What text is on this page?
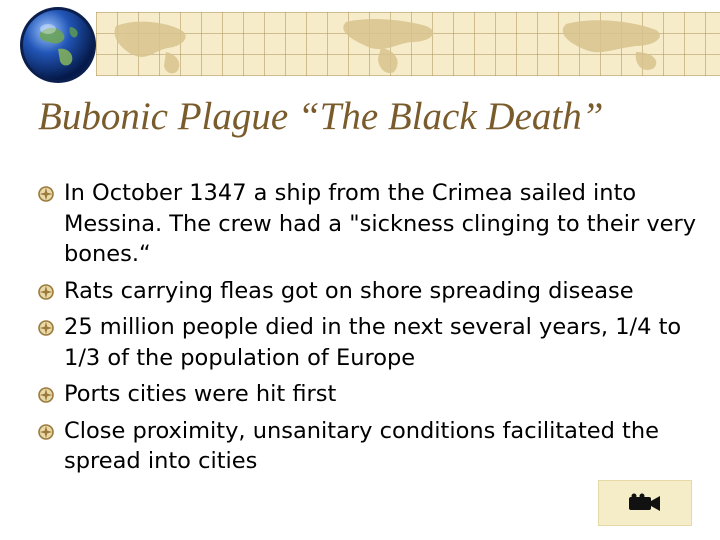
Bubonic Plague “The Black Death”
In October 1347 a ship from the Crimea sailed into Messina. The crew had a "sickness clinging to their very bones.“
Rats carrying fleas got on shore spreading disease
25 million people died in the next several years, 1/4 to 1/3 of the population of Europe
Ports cities were hit first
Close proximity, unsanitary conditions facilitated the spread into cities
